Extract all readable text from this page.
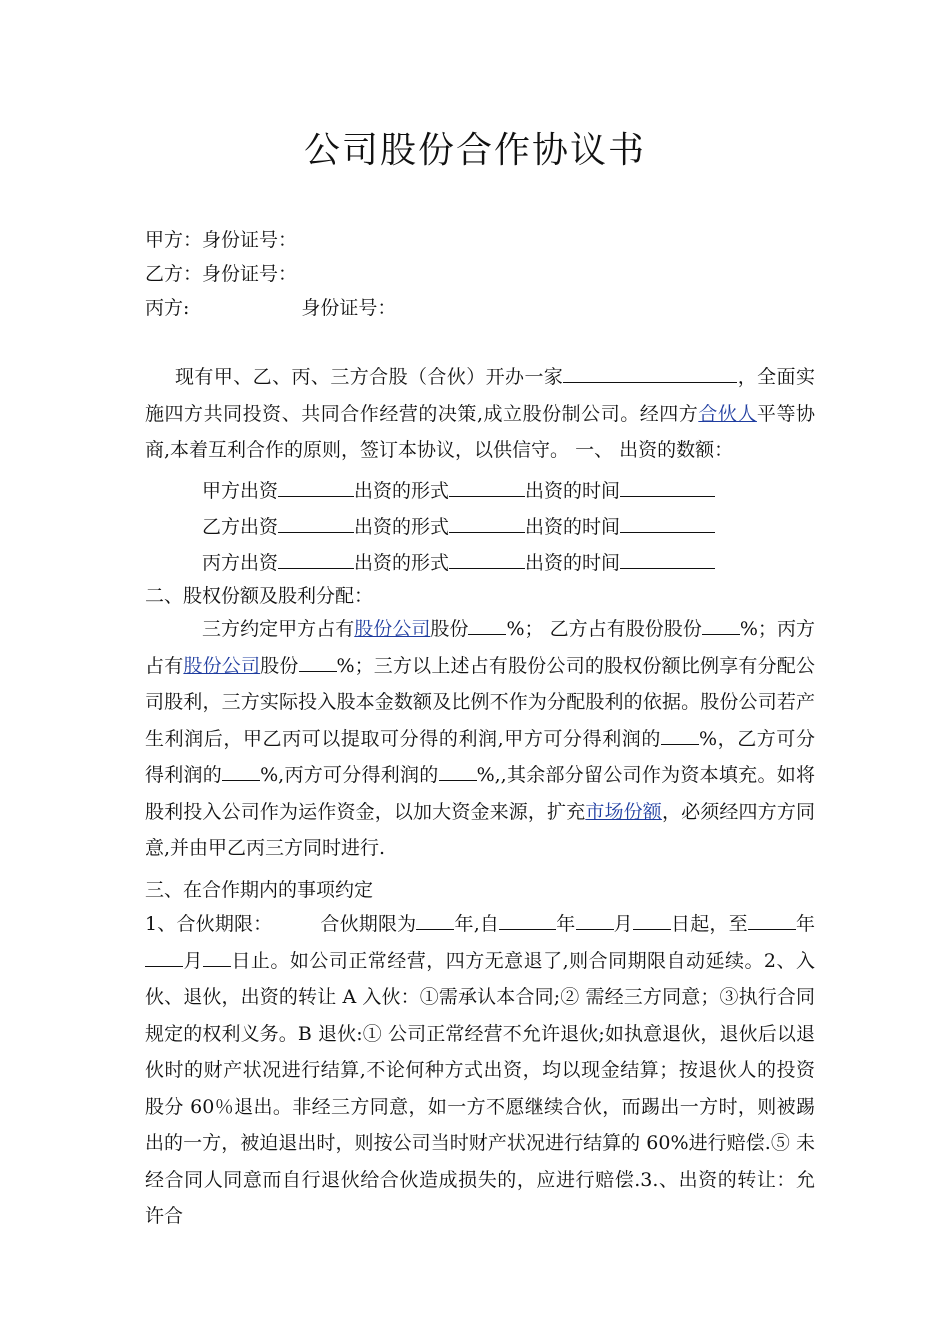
公司股份合作协议书
甲方：身份证号：
乙方：身份证号：
丙方:	身份证号：
现有甲、乙、丙、三方合股（合伙）开办一家	，全面实施四方共同投资、共同合作经营的决策,成立股份制公司。经四方合伙人平等协商,本着互利合作的原则，签订本协议，以供信守。 一、 出资的数额：
甲方出资	出资的形式	出资的时间
乙方出资	出资的形式	出资的时间
丙方出资	出资的形式	出资的时间
二、股权份额及股利分配：
三方约定甲方占有股份公司股份 %； 乙方占有股份股份 %；丙方占有股份公司股份 %；三方以上述占有股份公司的股权份额比例享有分配公司股利，三方实际投入股本金数额及比例不作为分配股利的依据。股份公司若产生利润后，甲乙丙可以提取可分得的利润,甲方可分得利润的 %，乙方可分得利润的 %,丙方可分得利润的 %,,其余部分留公司作为资本填充。如将股利投入公司作为运作资金，以加大资金来源，扩充市场份额，必须经四方方同意,并由甲乙丙三方同时进行.
三、在合作期内的事项约定
1、合伙期限：　　　合伙期限为 年,自	年 月 日起，至	年月 日止。如公司正常经营，四方无意退了,则合同期限自动延续。2、入伙、退伙，出资的转让 A 入伙：①需承认本合同;② 需经三方同意；③执行合同规定的权利义务。B 退伙:① 公司正常经营不允许退伙;如执意退伙，退伙后以退伙时的财产状况进行结算,不论何种方式出资，均以现金结算；按退伙人的投资股分 60％退出。非经三方同意，如一方不愿继续合伙，而踢出一方时，则被踢出的一方，被迫退出时，则按公司当时财产状况进行结算的 60%进行赔偿.⑤ 未经合同人同意而自行退伙给合伙造成损失的，应进行赔偿.3.、出资的转让：允许合
